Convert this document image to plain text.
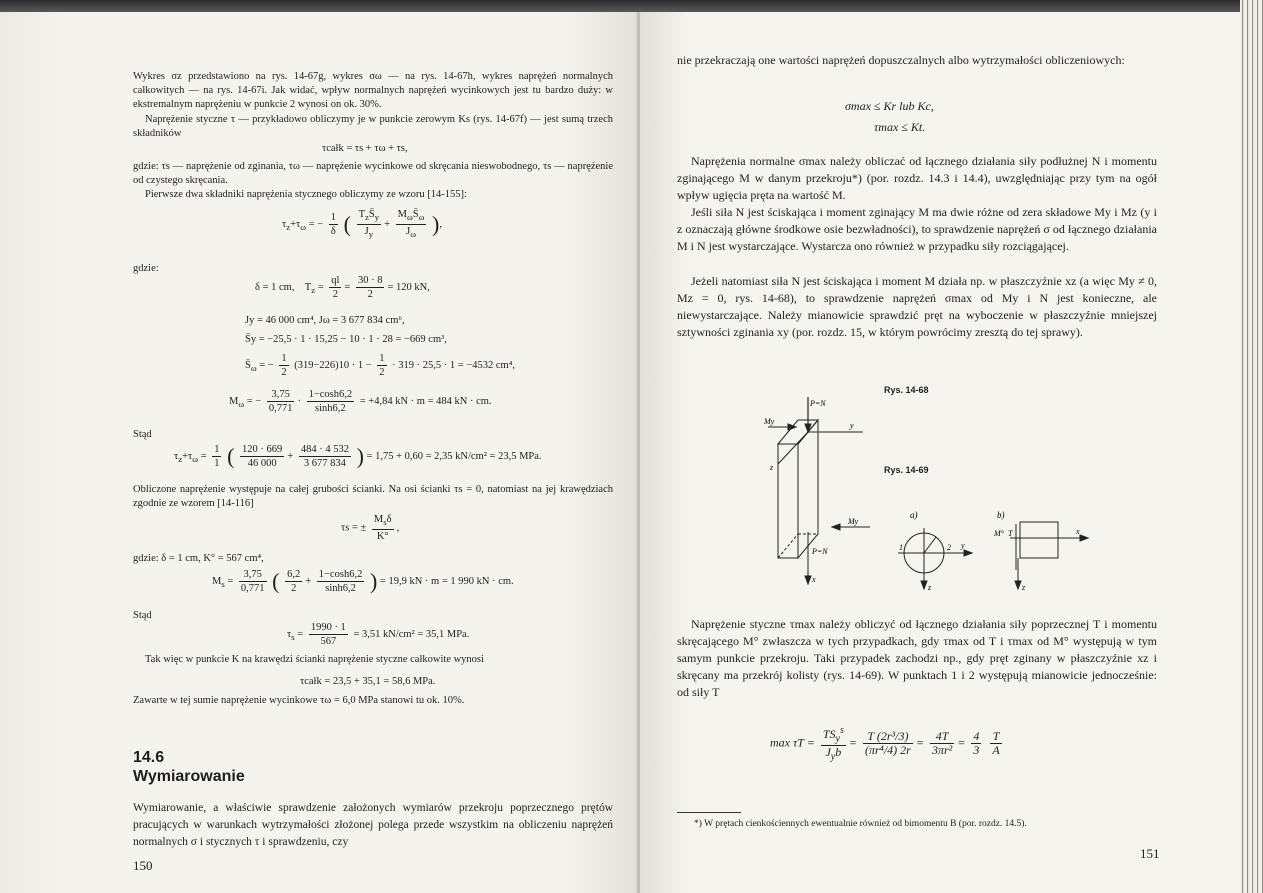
Wykres σz przedstawiono na rys. 14-67g, wykres σω — na rys. 14-67h, wykres naprężeń normalnych całkowitych — na rys. 14-67i. Jak widać, wpływ normalnych naprężeń wycinkowych jest tu bardzo duży: w ekstremalnym naprężeniu w punkcie 2 wynosi on ok. 30%.
Naprężenie styczne τ — przykładowo obliczymy je w punkcie zerowym Ks (rys. 14-67f) — jest sumą trzech składników
τcałk = τs + τω + τs,
gdzie: τs — naprężenie od zginania, τω — naprężenie wycinkowe od skręcania nieswobodnego, τs — naprężenie od czystego skręcania.
Pierwsze dwa składniki naprężenia stycznego obliczymy ze wzoru [14-155]:
$\tau_z+\tau_\omega$ = − $\frac{1}{\delta}$ ( $\frac{T_zS̄_y}{J_y} + \frac{M_\omega S̄_\omega}{J_\omega}$ ),
gdzie:
δ = 1 cm, $T_z = \frac{ql}{2} = \frac{30 \cdot 8}{2} = 120$ kN,
Jy = 46 000 cm⁴, Jω = 3 677 834 cm⁶,
S̄y = −25,5 · 1 · 15,25 − 10 · 1 · 28 = −669 cm³,
$S̄_\omega$ = − $\frac{1}{2} (319-226)10 \cdot 1 - \frac{1}{2} \cdot 319 \cdot 25,5 \cdot 1 = -4532$ cm⁴,
$M_\omega$ = − $\frac{3,75}{0,771} \cdot \frac{1-\cosh 6,2}{\sinh 6,2} = +4,84$ kN · m = 484 kN · cm.
Stąd
$\tau_z+\tau_\omega = \frac{1}{1}$ ( $\frac{120 \cdot 669}{46 000} + \frac{484 \cdot 4 532}{3 677 834}$ ) = 1,75 + 0,60 = 2,35 kN/cm² = 23,5 MPa.
Obliczone naprężenie występuje na całej grubości ścianki. Na osi ścianki τs = 0, natomiast na jej krawędziach zgodnie ze wzorem [14-116]
τs = ± $\frac{M_s\delta}{K^\circ}$ ,
gdzie: δ = 1 cm, K° = 567 cm⁴,
$M_s = \frac{3,75}{0,771}$ ( $\frac{6,2}{2} + \frac{1-\cosh 6,2}{\sinh 6,2}$ ) = 19,9 kN · m = 1 990 kN · cm.
Stąd
$\tau_s = \frac{1990 \cdot 1}{567} = 3,51$ kN/cm² = 35,1 MPa.
Tak więc w punkcie K na krawędzi ścianki naprężenie styczne całkowite wynosi
τcałk = 23,5 + 35,1 = 58,6 MPa.
Zawarte w tej sumie naprężenie wycinkowe τω = 6,0 MPa stanowi tu ok. 10%.
14.6
Wymiarowanie
Wymiarowanie, a właściwie sprawdzenie założonych wymiarów przekroju poprzecznego prętów pracujących w warunkach wytrzymałości złożonej polega przede wszystkim na obliczeniu naprężeń normalnych σ i stycznych τ i sprawdzeniu, czy
150
nie przekraczają one wartości naprężeń dopuszczalnych albo wytrzymałości obliczeniowych:
σmax ≤ Kr lub Kc,
τmax ≤ Kt.
Naprężenia normalne σmax należy obliczać od łącznego działania siły podłużnej N i momentu zginającego M w danym przekroju*) (por. rozdz. 14.3 i 14.4), uwzględniając przy tym na ogół wpływ ugięcia pręta na wartość M.
Jeśli siła N jest ściskająca i moment zginający M ma dwie różne od zera składowe My i Mz (y i z oznaczają główne środkowe osie bezwładności), to sprawdzenie naprężeń σ od łącznego działania M i N jest wystarczające. Wystarcza ono również w przypadku siły rozciągającej.
Jeżeli natomiast siła N jest ściskająca i moment M działa np. w płaszczyźnie xz (a więc My ≠ 0, Mz = 0, rys. 14-68), to sprawdzenie naprężeń σmax od My i N jest konieczne, ale niewystarczające. Należy mianowicie sprawdzić pręt na wyboczenie w płaszczyźnie mniejszej sztywności zginania xy (por. rozdz. 15, w którym powrócimy zresztą do tej sprawy).
Rys. 14-68
Rys. 14-69
P=N
My	y
z
x
P=N
My
a)	b)
1	2 y
z
M° T	x
z
Naprężenie styczne τmax należy obliczyć od łącznego działania siły poprzecznej T i momentu skręcającego M° zwłaszcza w tych przypadkach, gdy τmax od T i τmax od M° występują w tym samym punkcie przekroju. Taki przypadek zachodzi np., gdy pręt zginany w płaszczyźnie xz i skręcany ma przekrój kolisty (rys. 14-69). W punktach 1 i 2 występują mianowicie jednocześnie: od siły T
$\max \tau T = \frac{TS_y^s}{J_yb} = \frac{\text{T (2r³/3)}}{\text{(πr⁴/4) 2r}} = \frac{4T}{\text{3πr²}} = \frac{4}{3}$
$\frac{T}{A}$
*) W prętach cienkościennych ewentualnie również od bimomentu B (por. rozdz. 14.5).
151
